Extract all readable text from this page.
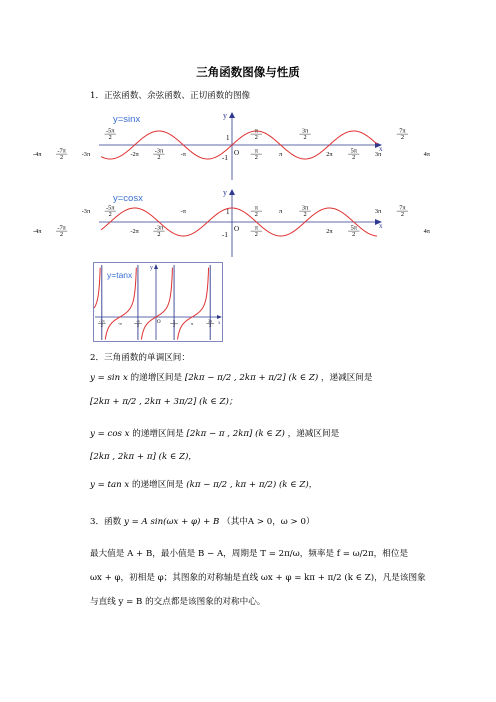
三角函数图像与性质
1．正弦函数、余弦函数、正切函数的图像
-4π	-7π 2	-3π	-2π	-3π 2	-π	π 2	π	2π	5π 2	3π	4π
-5π 2
π 2
3π 2
7π 2
y=sinx
x
y
O
1
-1
-4π	-7π 2	-2π	-3π 2
π 2	2π	5π 2	4π
-3π	-5π 2	-π	π 2	π	3π 2	3π	7π 2
y=cosx
x
y
O
1
-1
-3π 2	-π	-π 2
π 2	π	3π 2
y=tanx
x
y
O
2．三角函数的单调区间：
y = sin x 的递增区间是 [2kπ − π/2 , 2kπ + π/2] (k ∈ Z) ，递减区间是
[2kπ + π/2 , 2kπ + 3π/2] (k ∈ Z)；
y = cos x 的递增区间是 [2kπ − π , 2kπ] (k ∈ Z) ，递减区间是
[2kπ , 2kπ + π] (k ∈ Z)，
y = tan x 的递增区间是 (kπ − π/2 , kπ + π/2) (k ∈ Z)，
3．函数 y = A sin(ωx + φ) + B （其中A > 0，ω > 0）
最大值是 A + B，最小值是 B − A，周期是 T = 2π/ω，频率是 f = ω/2π，相位是
ωx + φ，初相是 φ；其图象的对称轴是直线 ωx + φ = kπ + π/2 (k ∈ Z)，凡是该图象
与直线 y = B 的交点都是该图象的对称中心。
